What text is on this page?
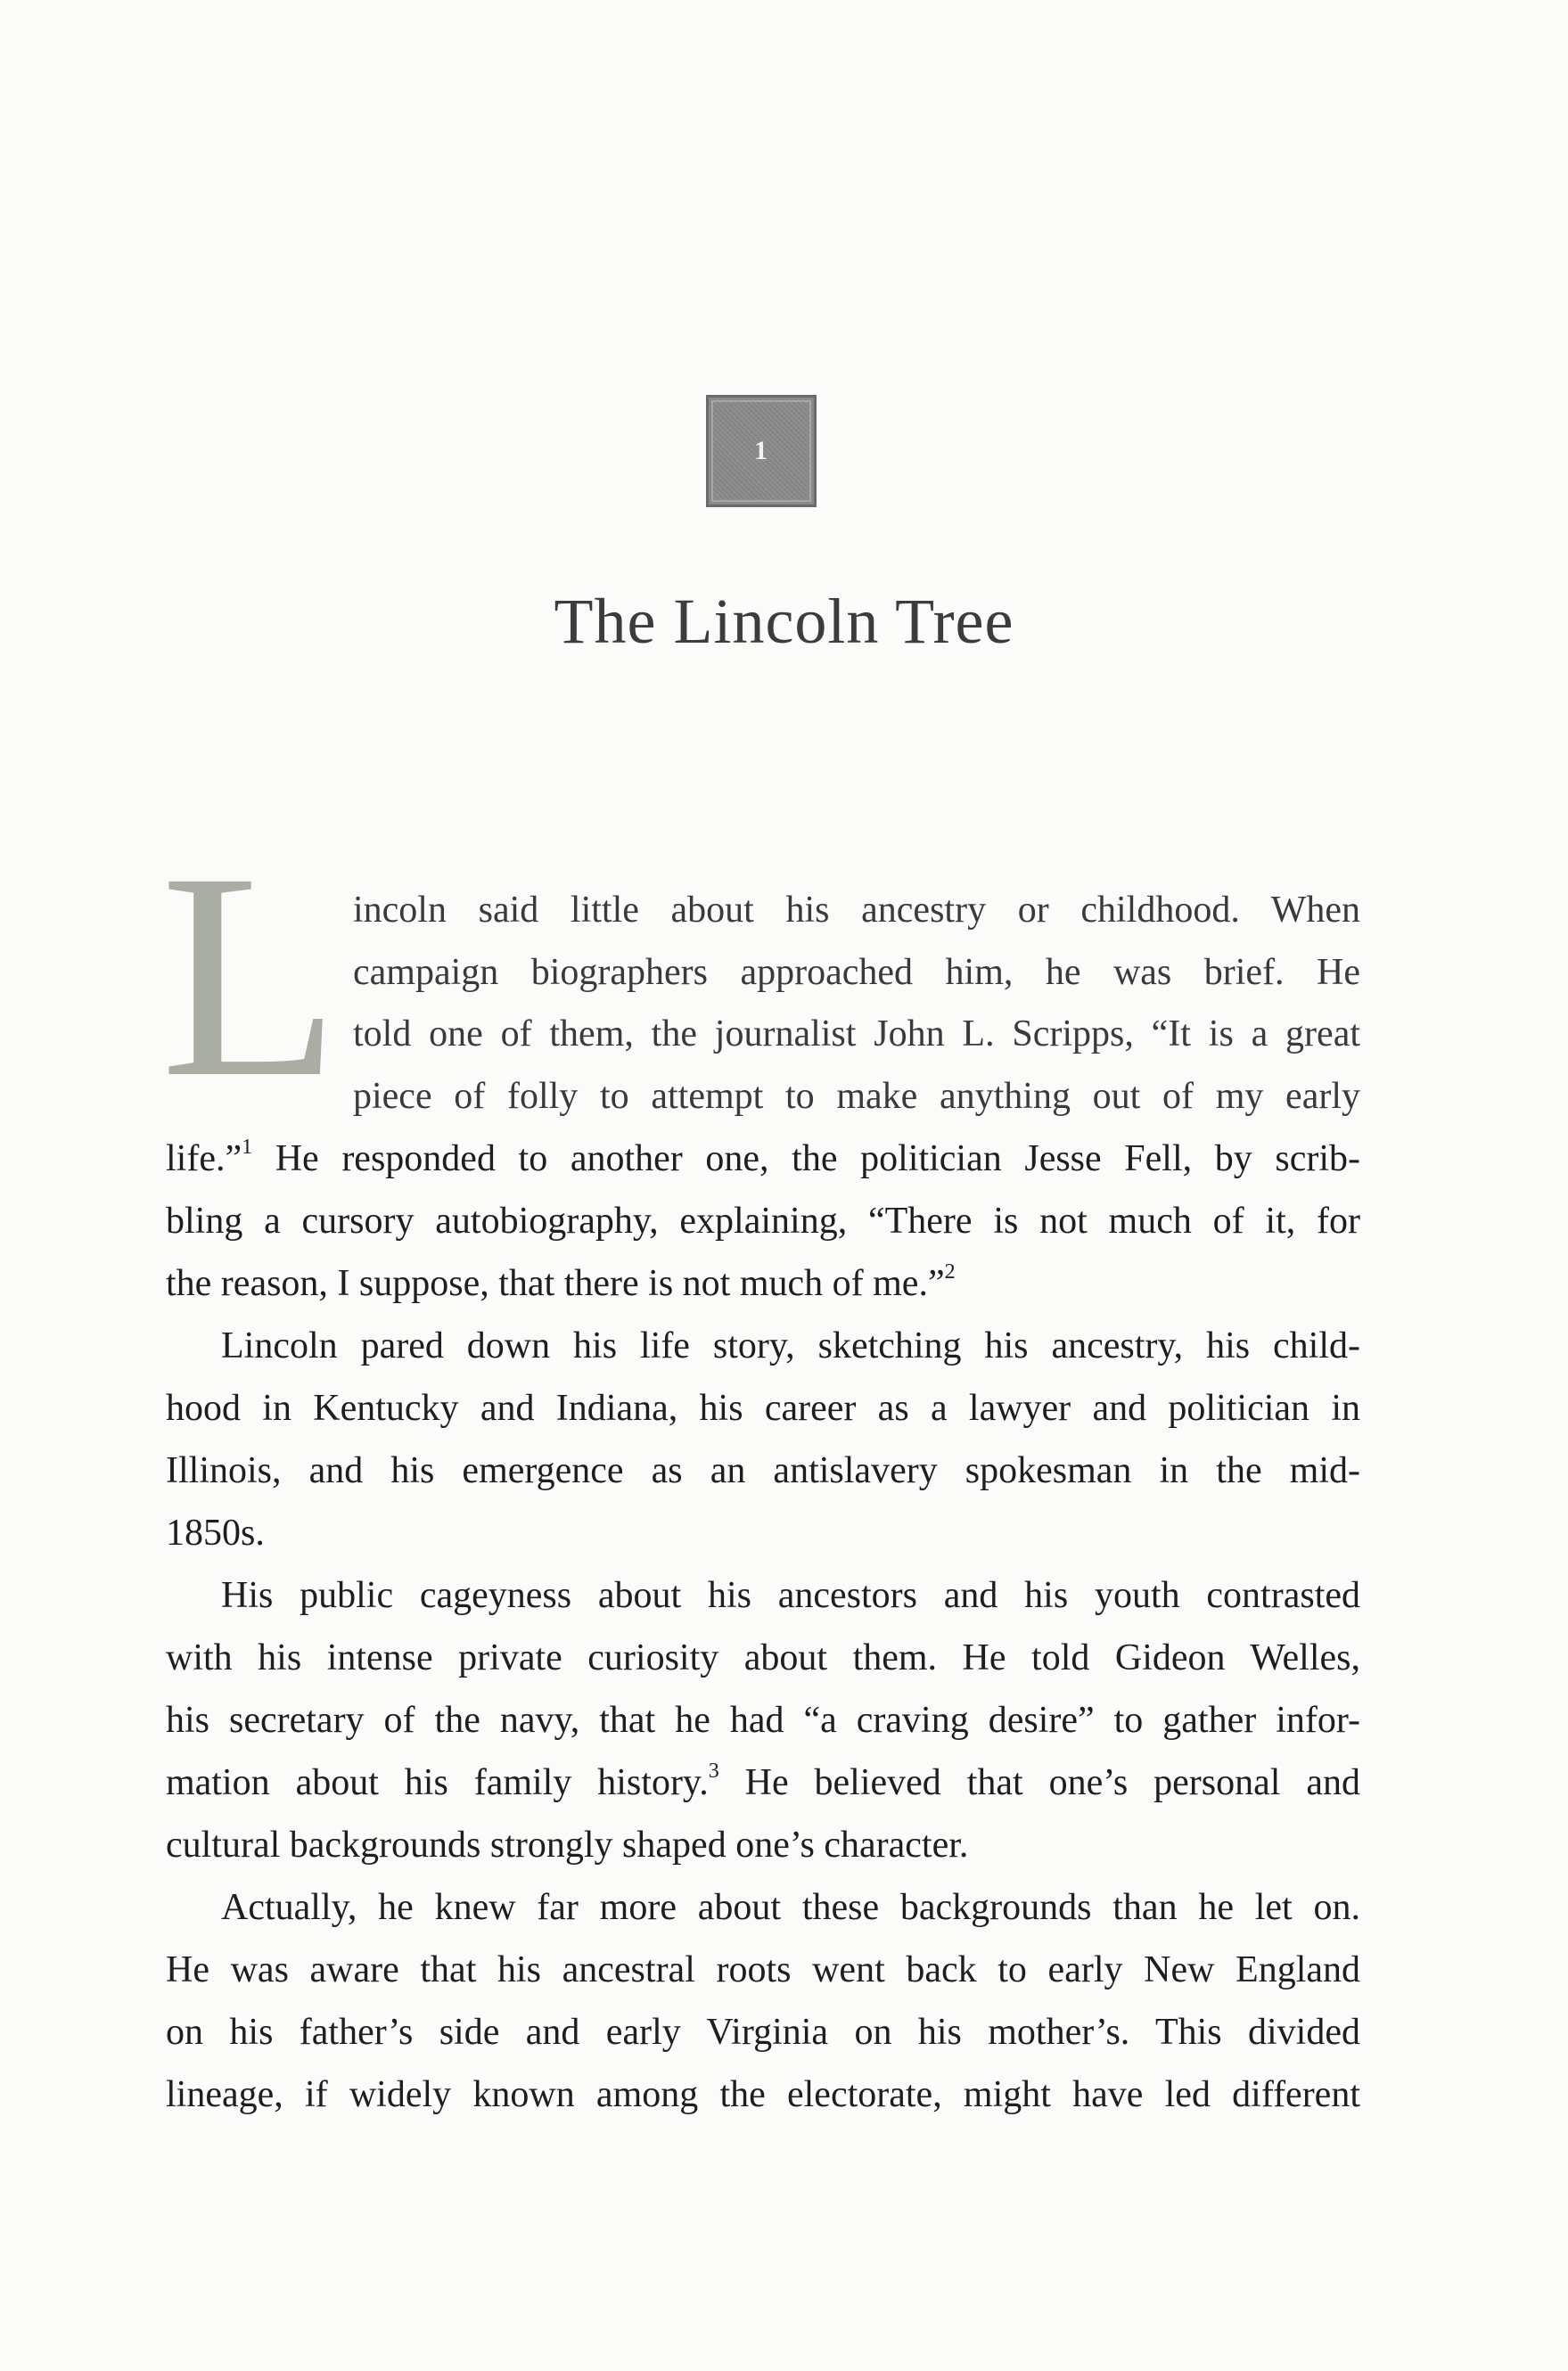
1
The Lincoln Tree
L incoln said little about his ancestry or childhood. When

campaign biographers approached him, he was brief. He

told one of them, the journalist John L. Scripps, “It is a great

piece of folly to attempt to make anything out of my early

life.”$^1$ He responded to another one, the politician Jesse Fell, by scrib-

bling a cursory autobiography, explaining, “There is not much of it, for

the reason, I suppose, that there is not much of me.”$^2$

Lincoln pared down his life story, sketching his ancestry, his child-

hood in Kentucky and Indiana, his career as a lawyer and politician in

Illinois, and his emergence as an antislavery spokesman in the mid-

1850s.

His public cageyness about his ancestors and his youth contrasted

with his intense private curiosity about them. He told Gideon Welles,

his secretary of the navy, that he had “a craving desire” to gather infor-

mation about his family history.$^3$ He believed that one’s personal and

cultural backgrounds strongly shaped one’s character.

Actually, he knew far more about these backgrounds than he let on.

He was aware that his ancestral roots went back to early New England

on his father’s side and early Virginia on his mother’s. This divided

lineage, if widely known among the electorate, might have led different
